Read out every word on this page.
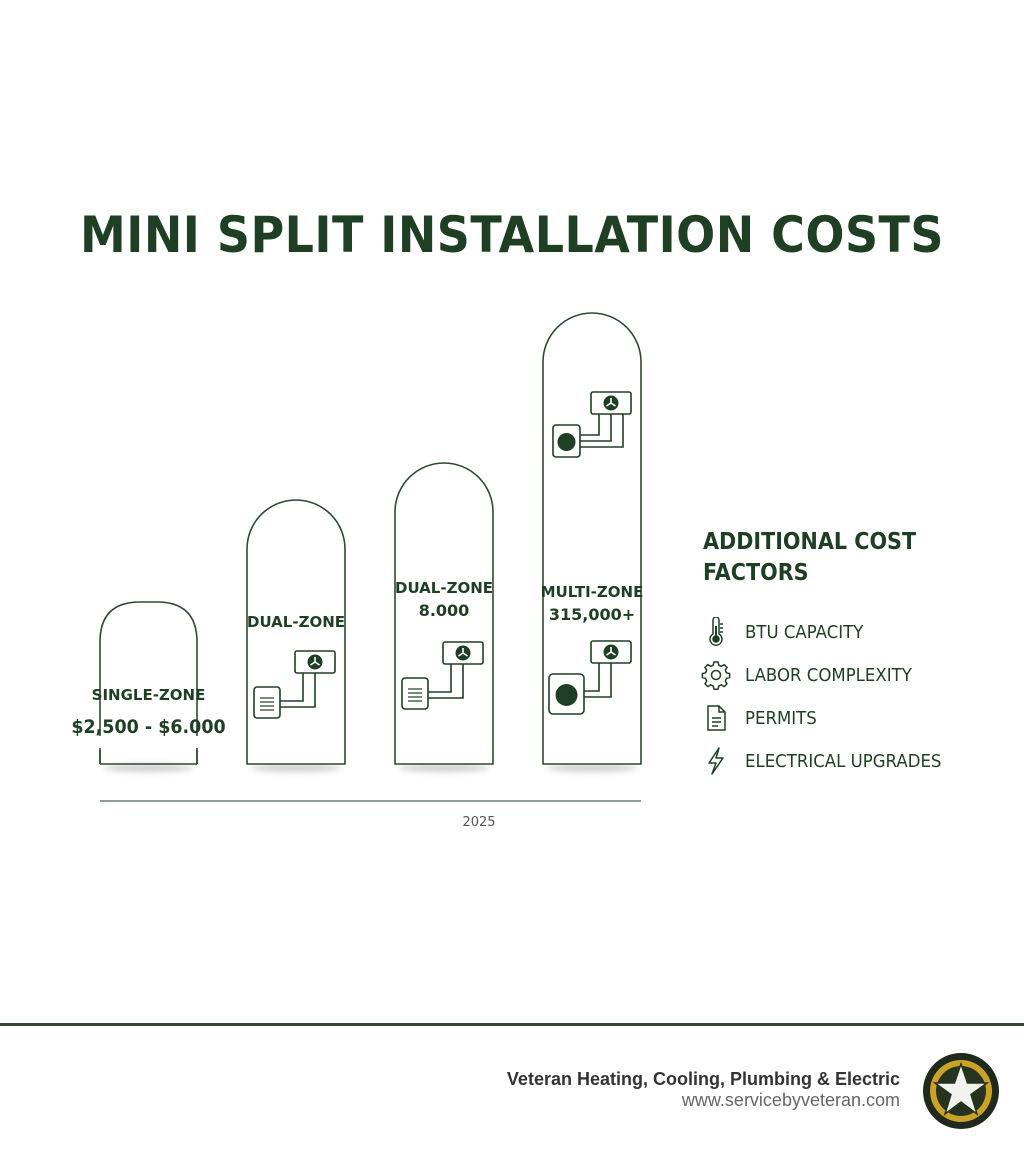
MINI SPLIT INSTALLATION COSTS
2025
SINGLE-ZONE
$2,500 - $6.000
DUAL-ZONE
DUAL-ZONE
8.000
MULTI-ZONE
315,000+
ADDITIONAL COST
FACTORS
BTU CAPACITY
LABOR COMPLEXITY
PERMITS
ELECTRICAL UPGRADES
Veteran Heating, Cooling, Plumbing & Electric
www.servicebyveteran.com
